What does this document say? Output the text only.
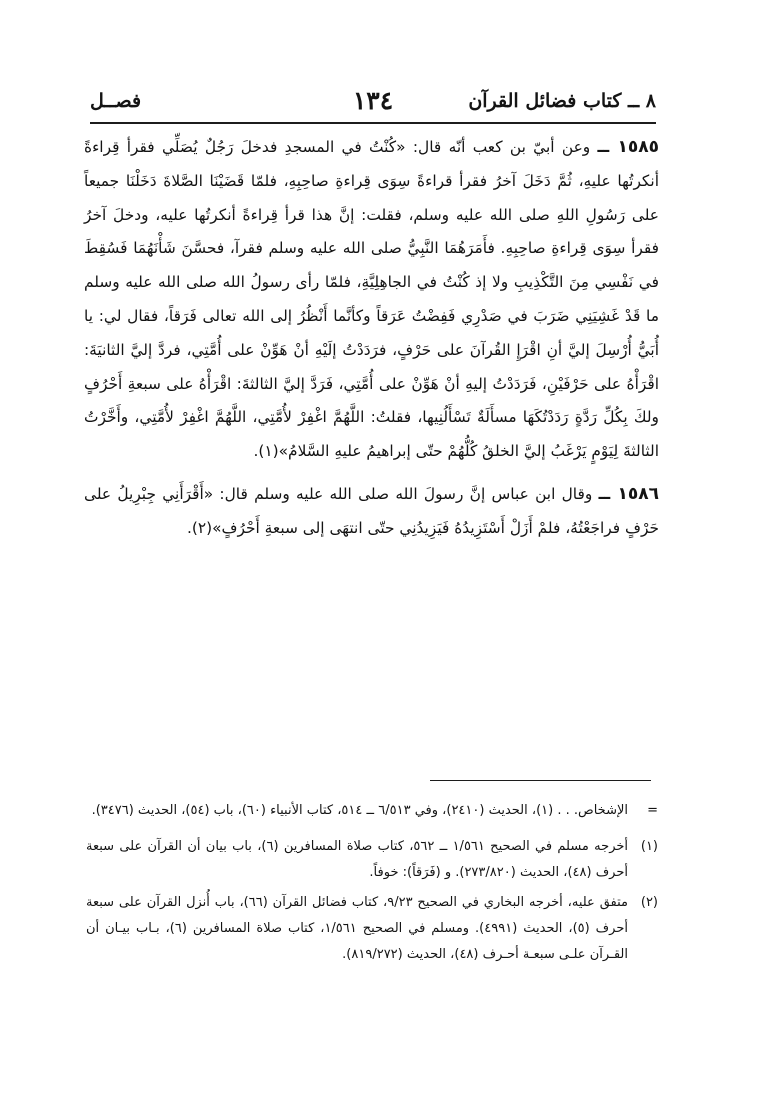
٨ ــ كتاب فضائل القرآن
١٣٤
فصــل

١٥٨٥ ــ وعن أبيّ بن كعب أنّه قال: «كُنْتُ في المسجدِ فدخلَ رَجُلٌ يُصَلِّي فقرأ قِراءةً أنكرتُها عليهِ، ثُمَّ دَخَلَ آخرُ فقرأ قراءةً سِوَى قِراءةِ صاحِبِهِ، فلمّا قَضَيْنَا الصَّلاةَ دَخَلْنَا جميعاً على رَسُولِ اللهِ صلى الله عليه وسلم، فقلت: إنَّ هذا قرأ قِراءةً أنكرتُها عليه، ودخلَ آخرُ فقرأ سِوَى قِراءةِ صاحِبِهِ. فأَمَرَهُمَا النَّبِيُّ صلى الله عليه وسلم فقرآ، فحسَّنَ شَأْنَهُمَا فَسُقِطَ في نَفْسِي مِنَ التَّكْذِيبِ ولا إذ كُنْتُ في الجاهِلِيَّةِ، فلمّا رأى رسولُ الله صلى الله عليه وسلم ما قَدْ غَشِيَنِي ضَرَبَ في صَدْرِي فَفِضْتُ عَرَقاً وكأنَّما أَنْظُرُ إلى الله تعالى فَرَقاً، فقال لي: يا أُبَيُّ أُرْسِلَ إليَّ أنِ اقْرَإِ القُرآنَ على حَرْفٍ، فرَدَدْتُ إلَيْهِ أنْ هَوِّنْ على أُمَّتِي، فردَّ إليَّ الثانيَةَ: اقْرَأْهُ على حَرْفَيْنِ، فَرَدَدْتُ إليهِ أنْ هَوِّنْ على أُمَّتِي، فَرَدَّ إليَّ الثالثةَ: اقْرَأْهُ على سبعةِ أَحْرُفٍ ولكَ بِكُلِّ رَدَّةٍ رَدَدْتُكَهَا مسأَلَةٌ تَسْأَلُنِيها، فقلتُ: اللَّهُمَّ اغْفِرْ لأُمَّتِي، اللَّهُمَّ اغْفِرْ لأُمَّتِي، وأَخَّرْتُ الثالثةَ لِيَوْمٍ يَرْغَبُ إليَّ الخلقُ كُلُّهُمْ حتّى إبراهيمُ عليهِ السَّلامُ»(١).

١٥٨٦ ــ وقال ابن عباس إنَّ رسولَ الله صلى الله عليه وسلم قال: «أَقْرَأَنِي جِبْرِيلُ على حَرْفٍ فراجَعْتُهُ، فلمْ أَزَلْ أَسْتَزِيدُهُ فَيَزِيدُنِي حتّى انتهَى إلى سبعةِ أَحْرُفٍ»(٢).

=
الإشخاص. . . (١)، الحديث (٢٤١٠)، وفي ٦/٥١٣ ــ ٥١٤، كتاب الأنبياء (٦٠)، باب (٥٤)، الحديث (٣٤٧٦).
(١)
أخرجه مسلم في الصحيح ١/٥٦١ ــ ٥٦٢، كتاب صلاة المسافرين (٦)، باب بيان أن القرآن على سبعة أحرف (٤٨)، الحديث (٢٧٣/٨٢٠). و (فَرَقاً): خوفاً.
(٢)
متفق عليه، أخرجه البخاري في الصحيح ٩/٢٣، كتاب فضائل القرآن (٦٦)، باب أُنزل القرآن على سبعة أحرف (٥)، الحديث (٤٩٩١). ومسلم في الصحيح ١/٥٦١، كتاب صلاة المسافرين (٦)، بـاب بيـان أن القـرآن علـى سبعـة أحـرف (٤٨)، الحديث (٨١٩/٢٧٢).
